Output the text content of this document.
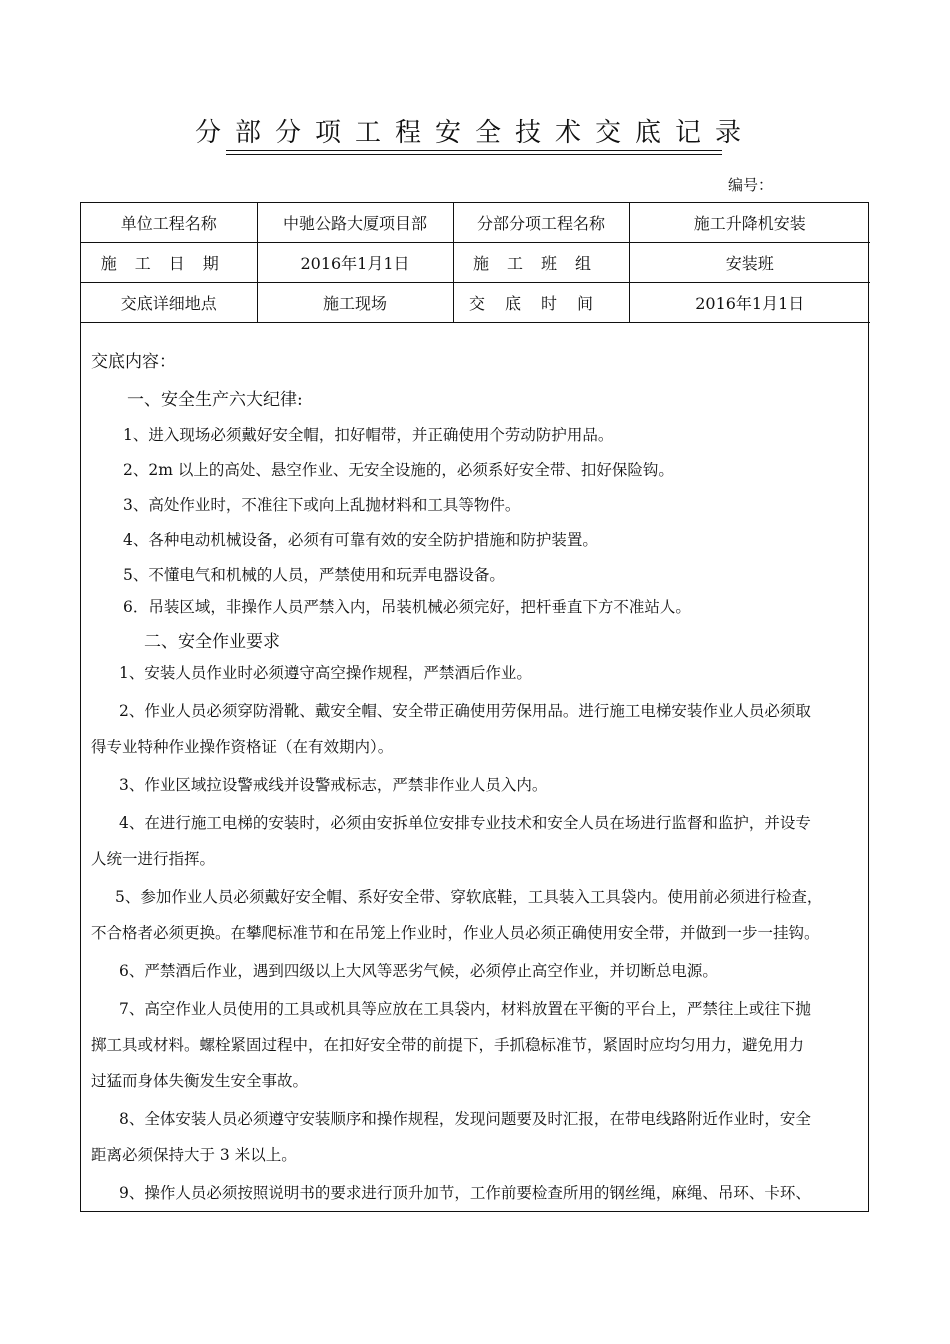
分部分项工程安全技术交底记录
编号：
单位工程名称	中驰公路大厦项目部	分部分项工程名称	施工升降机安装
施工日期	2016年1月1日	施工班组	安装班
交底详细地点	施工现场	交底时间	2016年1月1日
交底内容：
一、安全生产六大纪律:
1、进入现场必须戴好安全帽，扣好帽带，并正确使用个劳动防护用品。
2、2m 以上的高处、悬空作业、无安全设施的，必须系好安全带、扣好保险钩。
3、高处作业时，不准往下或向上乱抛材料和工具等物件。
4、各种电动机械设备，必须有可靠有效的安全防护措施和防护装置。
5、不懂电气和机械的人员，严禁使用和玩弄电器设备。
6．吊装区域，非操作人员严禁入内，吊装机械必须完好，把杆垂直下方不准站人。
二、安全作业要求
1、安装人员作业时必须遵守高空操作规程，严禁酒后作业。
2、作业人员必须穿防滑靴、戴安全帽、安全带正确使用劳保用品。进行施工电梯安装作业人员必须取
得专业特种作业操作资格证（在有效期内）。
3、作业区域拉设警戒线并设警戒标志，严禁非作业人员入内。
4、在进行施工电梯的安装时，必须由安拆单位安排专业技术和安全人员在场进行监督和监护，并设专
人统一进行指挥。
5、参加作业人员必须戴好安全帽、系好安全带、穿软底鞋，工具装入工具袋内。使用前必须进行检查，
不合格者必须更换。在攀爬标准节和在吊笼上作业时，作业人员必须正确使用安全带，并做到一步一挂钩。
6、严禁酒后作业，遇到四级以上大风等恶劣气候，必须停止高空作业，并切断总电源。
7、高空作业人员使用的工具或机具等应放在工具袋内，材料放置在平衡的平台上，严禁往上或往下抛
掷工具或材料。螺栓紧固过程中，在扣好安全带的前提下，手抓稳标准节，紧固时应均匀用力，避免用力
过猛而身体失衡发生安全事故。
8、全体安装人员必须遵守安装顺序和操作规程，发现问题要及时汇报，在带电线路附近作业时，安全
距离必须保持大于 3 米以上。
9、操作人员必须按照说明书的要求进行顶升加节，工作前要检查所用的钢丝绳，麻绳、吊环、卡环、
